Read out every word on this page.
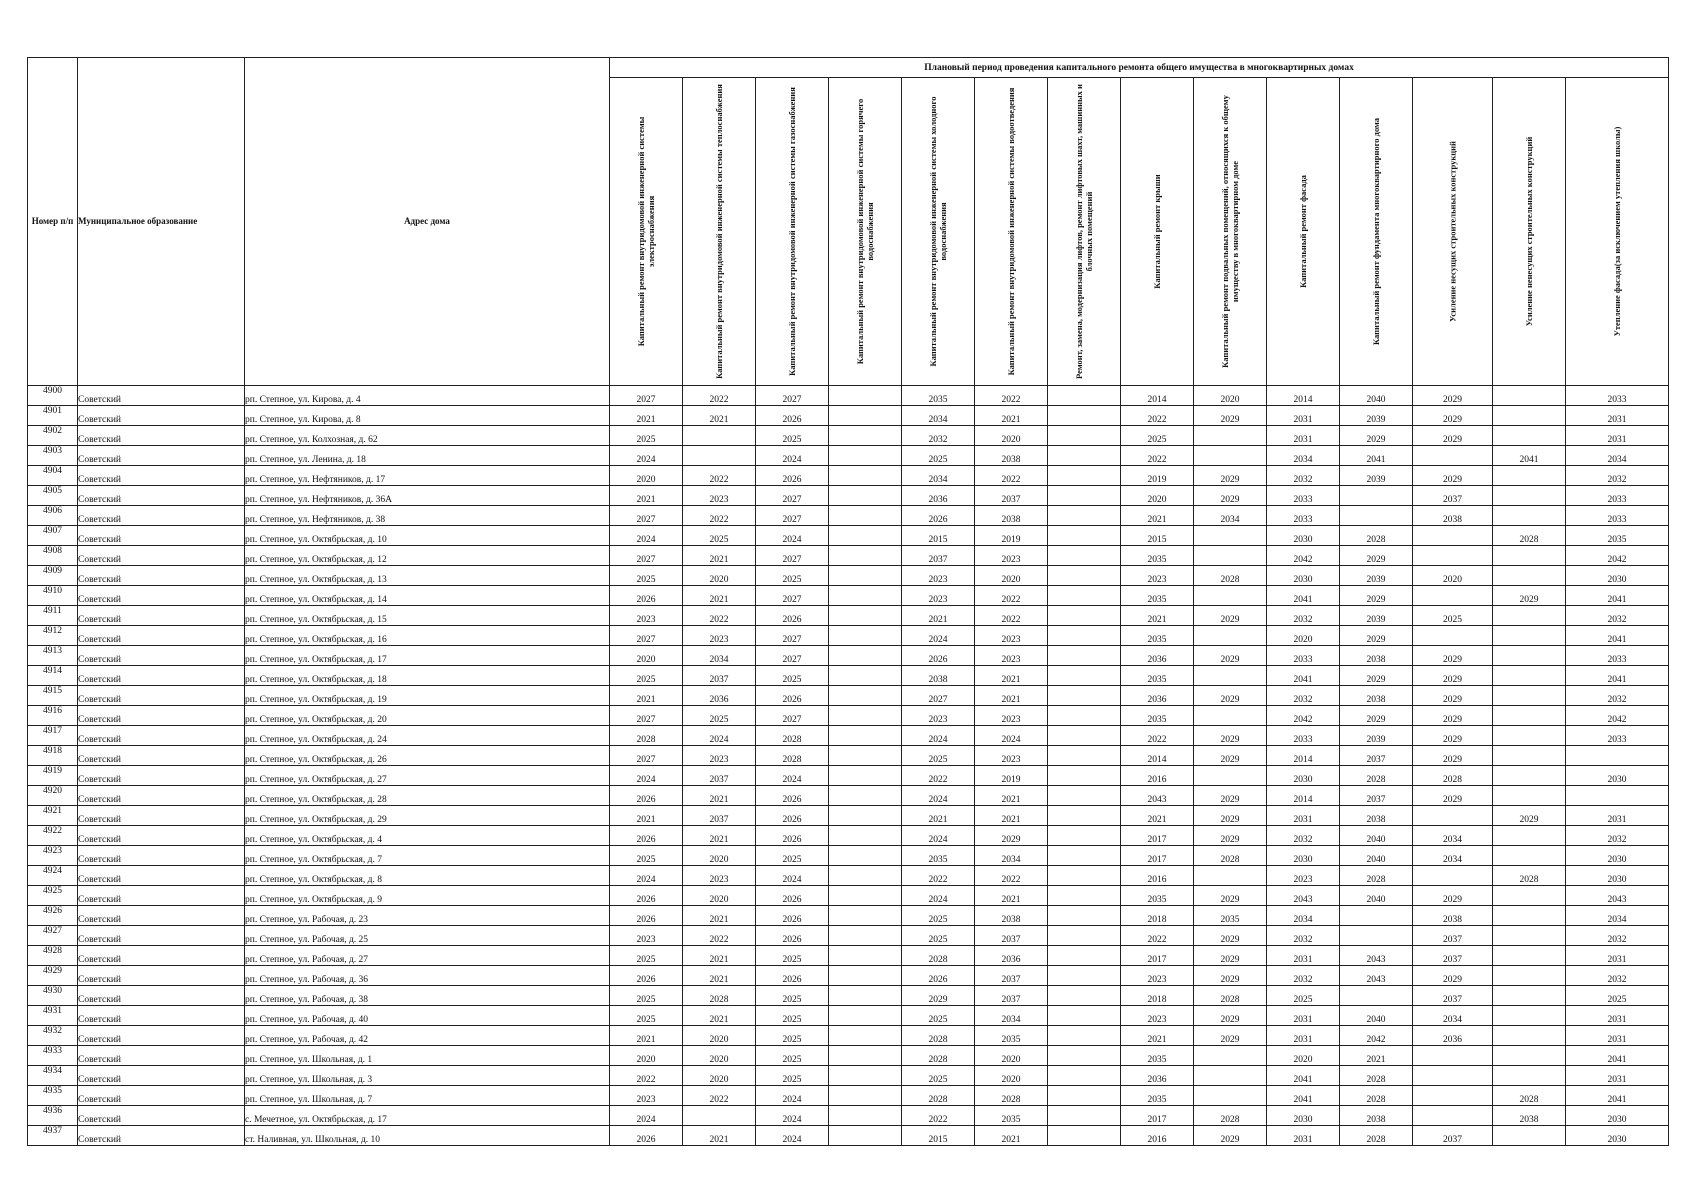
Номер п/п	Муниципальное образование	Адрес дома	Плановый период проведения капитального ремонта общего имущества в многоквартирных домах													

			Капитальный ремонт внутридомовой инженерной системы электроснабжения	Капитальный ремонт внутридомовой инженерной системы теплоснабжения	Капитальный ремонт внутридомовой инженерной системы газоснабжения	Капитальный ремонт внутридомовой инженерной системы горячего водоснабжения	Капитальный ремонт внутридомовой инженерной системы холодного водоснабжения	Капитальный ремонт внутридомовой инженерной системы водоотведения	Ремонт, замена, модернизация лифтов, ремонт лифтовых шахт, машинных и блочных помещений	Капитальный ремонт крыши	Капитальный ремонт подвальных помещений, относящихся к общему имуществу в многоквартирном доме	Капитальный ремонт фасада	Капитальный ремонт фундамента многоквартирного дома	Усиление несущих строительных конструкций	Усиление ненесущих строительных конструкций	Утепление фасада(за исключением утепления школы)

4900	Советский	рп. Степное, ул. Кирова, д. 4	2027	2022	2027		2035	2022		2014	2020	2014	2040	2029		2033
4901	Советский	рп. Степное, ул. Кирова, д. 8	2021	2021	2026		2034	2021		2022	2029	2031	2039	2029		2031
4902	Советский	рп. Степное, ул. Колхозная, д. 62	2025		2025		2032	2020		2025		2031	2029	2029		2031
4903	Советский	рп. Степное, ул. Ленина, д. 18	2024		2024		2025	2038		2022		2034	2041		2041	2034
4904	Советский	рп. Степное, ул. Нефтяников, д. 17	2020	2022	2026		2034	2022		2019	2029	2032	2039	2029		2032
4905	Советский	рп. Степное, ул. Нефтяников, д. 36А	2021	2023	2027		2036	2037		2020	2029	2033		2037		2033
4906	Советский	рп. Степное, ул. Нефтяников, д. 38	2027	2022	2027		2026	2038		2021	2034	2033		2038		2033
4907	Советский	рп. Степное, ул. Октябрьская, д. 10	2024	2025	2024		2015	2019		2015		2030	2028		2028	2035
4908	Советский	рп. Степное, ул. Октябрьская, д. 12	2027	2021	2027		2037	2023		2035		2042	2029			2042
4909	Советский	рп. Степное, ул. Октябрьская, д. 13	2025	2020	2025		2023	2020		2023	2028	2030	2039	2020		2030
4910	Советский	рп. Степное, ул. Октябрьская, д. 14	2026	2021	2027		2023	2022		2035		2041	2029		2029	2041
4911	Советский	рп. Степное, ул. Октябрьская, д. 15	2023	2022	2026		2021	2022		2021	2029	2032	2039	2025		2032
4912	Советский	рп. Степное, ул. Октябрьская, д. 16	2027	2023	2027		2024	2023		2035		2020	2029			2041
4913	Советский	рп. Степное, ул. Октябрьская, д. 17	2020	2034	2027		2026	2023		2036	2029	2033	2038	2029		2033
4914	Советский	рп. Степное, ул. Октябрьская, д. 18	2025	2037	2025		2038	2021		2035		2041	2029	2029		2041
4915	Советский	рп. Степное, ул. Октябрьская, д. 19	2021	2036	2026		2027	2021		2036	2029	2032	2038	2029		2032
4916	Советский	рп. Степное, ул. Октябрьская, д. 20	2027	2025	2027		2023	2023		2035		2042	2029	2029		2042
4917	Советский	рп. Степное, ул. Октябрьская, д. 24	2028	2024	2028		2024	2024		2022	2029	2033	2039	2029		2033
4918	Советский	рп. Степное, ул. Октябрьская, д. 26	2027	2023	2028		2025	2023		2014	2029	2014	2037	2029		
4919	Советский	рп. Степное, ул. Октябрьская, д. 27	2024	2037	2024		2022	2019		2016		2030	2028	2028		2030
4920	Советский	рп. Степное, ул. Октябрьская, д. 28	2026	2021	2026		2024	2021		2043	2029	2014	2037	2029		
4921	Советский	рп. Степное, ул. Октябрьская, д. 29	2021	2037	2026		2021	2021		2021	2029	2031	2038		2029	2031
4922	Советский	рп. Степное, ул. Октябрьская, д. 4	2026	2021	2026		2024	2029		2017	2029	2032	2040	2034		2032
4923	Советский	рп. Степное, ул. Октябрьская, д. 7	2025	2020	2025		2035	2034		2017	2028	2030	2040	2034		2030
4924	Советский	рп. Степное, ул. Октябрьская, д. 8	2024	2023	2024		2022	2022		2016		2023	2028		2028	2030
4925	Советский	рп. Степное, ул. Октябрьская, д. 9	2026	2020	2026		2024	2021		2035	2029	2043	2040	2029		2043
4926	Советский	рп. Степное, ул. Рабочая, д. 23	2026	2021	2026		2025	2038		2018	2035	2034		2038		2034
4927	Советский	рп. Степное, ул. Рабочая, д. 25	2023	2022	2026		2025	2037		2022	2029	2032		2037		2032
4928	Советский	рп. Степное, ул. Рабочая, д. 27	2025	2021	2025		2028	2036		2017	2029	2031	2043	2037		2031
4929	Советский	рп. Степное, ул. Рабочая, д. 36	2026	2021	2026		2026	2037		2023	2029	2032	2043	2029		2032
4930	Советский	рп. Степное, ул. Рабочая, д. 38	2025	2028	2025		2029	2037		2018	2028	2025		2037		2025
4931	Советский	рп. Степное, ул. Рабочая, д. 40	2025	2021	2025		2025	2034		2023	2029	2031	2040	2034		2031
4932	Советский	рп. Степное, ул. Рабочая, д. 42	2021	2020	2025		2028	2035		2021	2029	2031	2042	2036		2031
4933	Советский	рп. Степное, ул. Школьная, д. 1	2020	2020	2025		2028	2020		2035		2020	2021			2041
4934	Советский	рп. Степное, ул. Школьная, д. 3	2022	2020	2025		2025	2020		2036		2041	2028			2031
4935	Советский	рп. Степное, ул. Школьная, д. 7	2023	2022	2024		2028	2028		2035		2041	2028		2028	2041
4936	Советский	с. Мечетное, ул. Октябрьская, д. 17	2024		2024		2022	2035		2017	2028	2030	2038		2038	2030
4937	Советский	ст. Наливная, ул. Школьная, д. 10	2026	2021	2024		2015	2021		2016	2029	2031	2028	2037		2030
